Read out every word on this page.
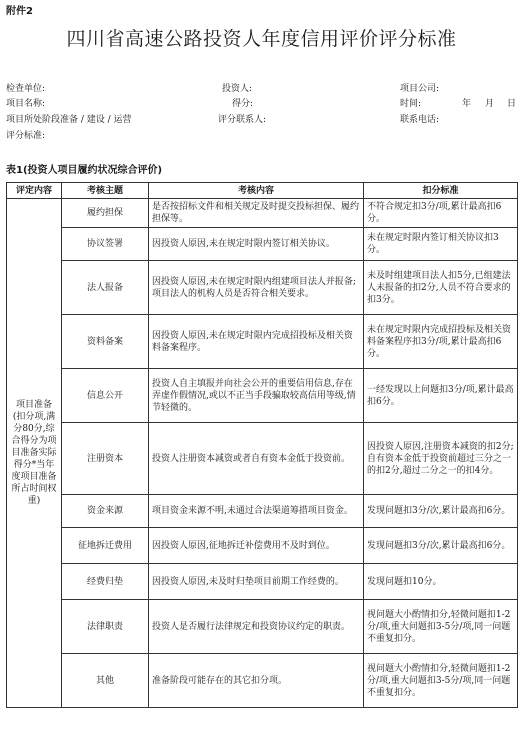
附件2
四川省高速公路投资人年度信用评价评分标准
检查单位:	投资人:	项目公司:
项目名称:	得分:	时间:	年 月 日
项目所处阶段准备 / 建设 / 运营	评分联系人:	联系电话:
评分标准:
表1(投资人项目履约状况综合评价)
评定内容	考核主题	考核内容	扣分标准
项目准备(扣分项,满分80分,综合得分为项目准备实际得分*当年度项目准备所占时间权重)	履约担保	是否按招标文件和相关规定及时提交投标担保、履约担保等。	不符合规定扣3分/项,累计最高扣6分。
	协议签署	因投资人原因,未在规定时限内签订相关协议。	未在规定时限内签订相关协议扣3分。
	法人报备	因投资人原因,未在规定时限内组建项目法人并报备;项目法人的机构人员是否符合相关要求。	未及时组建项目法人扣5分,已组建法人未报备的扣2分,人员不符合要求的扣3分。
	资料备案	因投资人原因,未在规定时限内完成招投标及相关资料备案程序。	未在规定时限内完成招投标及相关资料备案程序扣3分/项,累计最高扣6分。
	信息公开	投资人自主填报并向社会公开的重要信用信息,存在弄虚作假情况,或以不正当手段骗取较高信用等级,情节轻微的。	一经发现以上问题扣3分/项,累计最高扣6分。
	注册资本	投资人注册资本减资或者自有资本金低于投资前。	因投资人原因,注册资本减资的扣2分;自有资本金低于投资前超过三分之一的扣2分,超过二分之一的扣4分。
	资金来源	项目资金来源不明,未通过合法渠道筹措项目资金。	发现问题扣3分/次,累计最高扣6分。
	征地拆迁费用	因投资人原因,征地拆迁补偿费用不及时到位。	发现问题扣3分/次,累计最高扣6分。
	经费归垫	因投资人原因,未及时归垫项目前期工作经费的。	发现问题扣10分。
	法律职责	投资人是否履行法律规定和投资协议约定的职责。	视问题大小酌情扣分,轻微问题扣1-2分/项,重大问题扣3-5分/项,同一问题不重复扣分。
	其他	准备阶段可能存在的其它扣分项。	视问题大小酌情扣分,轻微问题扣1-2分/项,重大问题扣3-5分/项,同一问题不重复扣分。
